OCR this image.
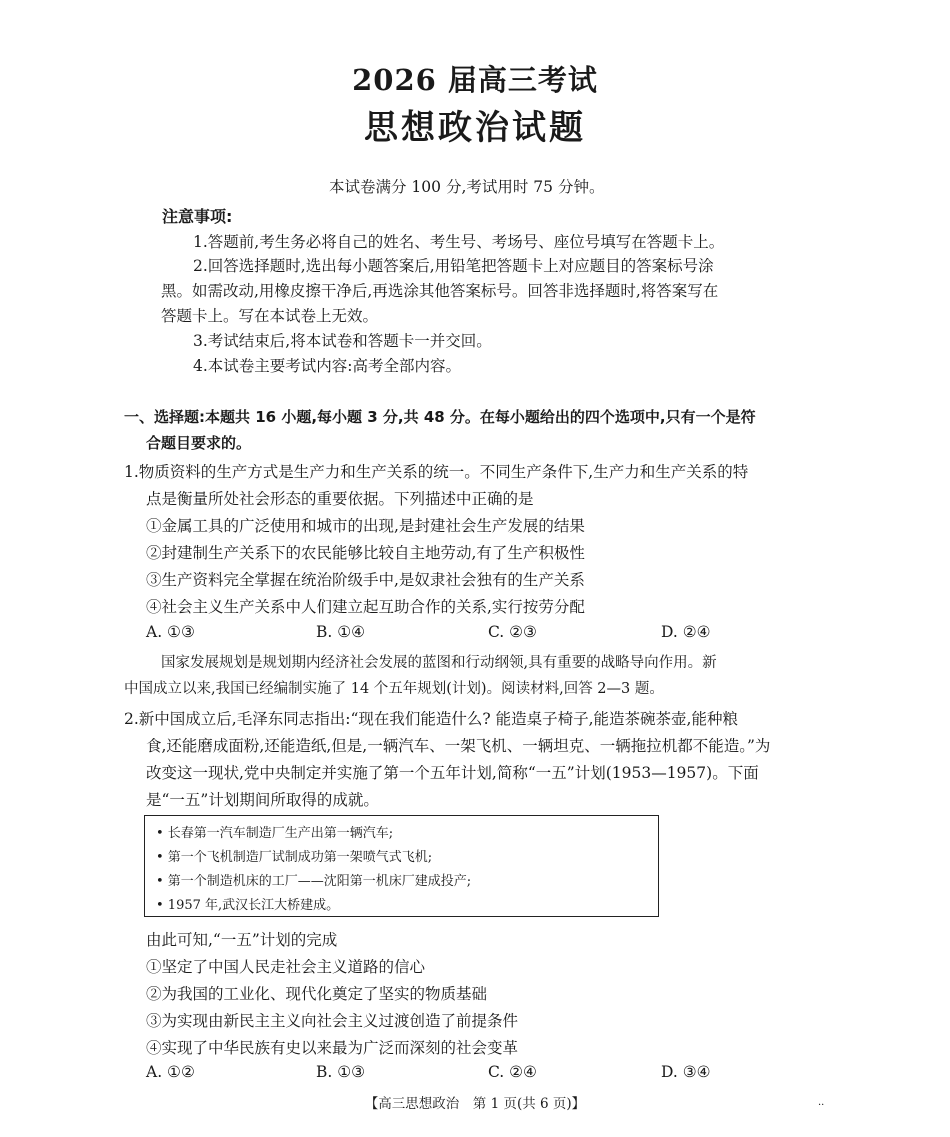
2026 届高三考试
思想政治试题
本试卷满分 100 分,考试用时 75 分钟。
注意事项:
1.答题前,考生务必将自己的姓名、考生号、考场号、座位号填写在答题卡上。
2.回答选择题时,选出每小题答案后,用铅笔把答题卡上对应题目的答案标号涂
黑。如需改动,用橡皮擦干净后,再选涂其他答案标号。回答非选择题时,将答案写在
答题卡上。写在本试卷上无效。
3.考试结束后,将本试卷和答题卡一并交回。
4.本试卷主要考试内容:高考全部内容。
一、选择题:本题共 16 小题,每小题 3 分,共 48 分。在每小题给出的四个选项中,只有一个是符
合题目要求的。
1.物质资料的生产方式是生产力和生产关系的统一。不同生产条件下,生产力和生产关系的特
点是衡量所处社会形态的重要依据。下列描述中正确的是
①金属工具的广泛使用和城市的出现,是封建社会生产发展的结果
②封建制生产关系下的农民能够比较自主地劳动,有了生产积极性
③生产资料完全掌握在统治阶级手中,是奴隶社会独有的生产关系
④社会主义生产关系中人们建立起互助合作的关系,实行按劳分配
A. ①③	B. ①④	C. ②③	D. ②④
国家发展规划是规划期内经济社会发展的蓝图和行动纲领,具有重要的战略导向作用。新
中国成立以来,我国已经编制实施了 14 个五年规划(计划)。阅读材料,回答 2—3 题。
2.新中国成立后,毛泽东同志指出:“现在我们能造什么? 能造桌子椅子,能造茶碗茶壶,能种粮
食,还能磨成面粉,还能造纸,但是,一辆汽车、一架飞机、一辆坦克、一辆拖拉机都不能造。”为
改变这一现状,党中央制定并实施了第一个五年计划,简称“一五”计划(1953—1957)。下面
是“一五”计划期间所取得的成就。
• 长春第一汽车制造厂生产出第一辆汽车;
• 第一个飞机制造厂试制成功第一架喷气式飞机;
• 第一个制造机床的工厂——沈阳第一机床厂建成投产;
• 1957 年,武汉长江大桥建成。
由此可知,“一五”计划的完成
①坚定了中国人民走社会主义道路的信心
②为我国的工业化、现代化奠定了坚实的物质基础
③为实现由新民主主义向社会主义过渡创造了前提条件
④实现了中华民族有史以来最为广泛而深刻的社会变革
A. ①②	B. ①③	C. ②④	D. ③④
【高三思想政治　第 1 页(共 6 页)】	··
